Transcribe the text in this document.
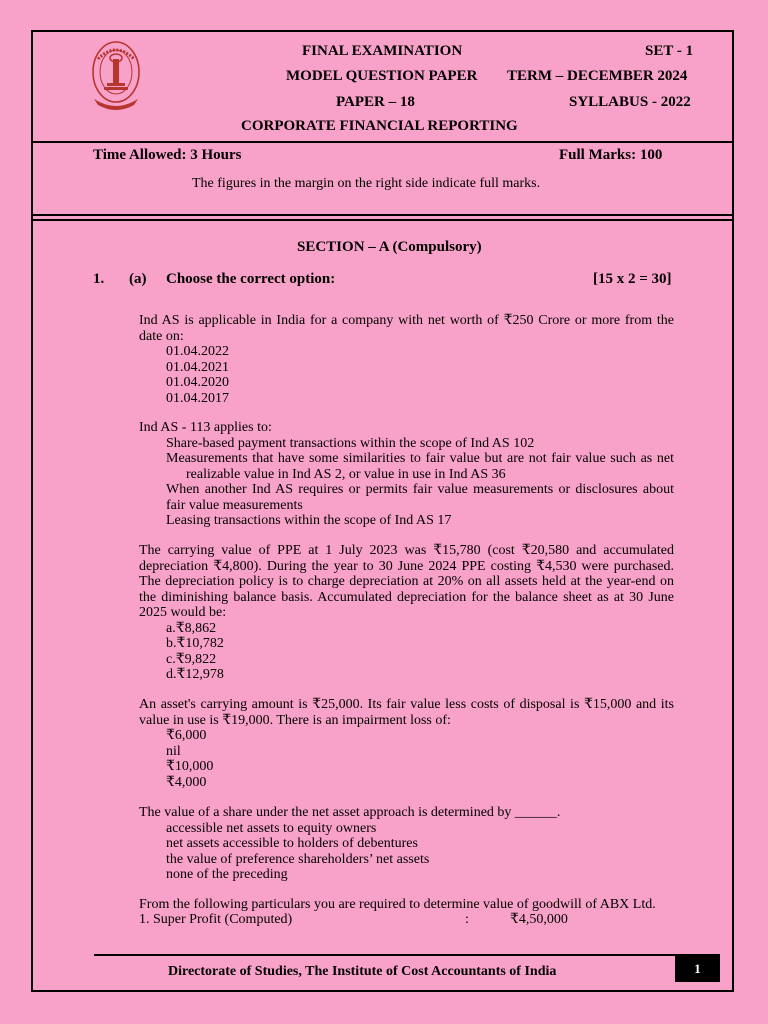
FINAL EXAMINATION	SET - 1
MODEL QUESTION PAPER TERM – DECEMBER 2024
PAPER – 18	SYLLABUS - 2022
CORPORATE FINANCIAL REPORTING
Time Allowed: 3 Hours	Full Marks: 100
The figures in the margin on the right side indicate full marks.
SECTION – A (Compulsory)
1. (a) Choose the correct option:	[15 x 2 = 30]
Ind AS is applicable in India for a company with net worth of ₹250 Crore or more from the date on:
01.04.2022
01.04.2021
01.04.2020
01.04.2017
Ind AS - 113 applies to:
Share-based payment transactions within the scope of Ind AS 102
Measurements that have some similarities to fair value but are not fair value such as net realizable value in Ind AS 2, or value in use in Ind AS 36
When another Ind AS requires or permits fair value measurements or disclosures about fair value measurements
Leasing transactions within the scope of Ind AS 17
The carrying value of PPE at 1 July 2023 was ₹15,780 (cost ₹20,580 and accumulated depreciation ₹4,800). During the year to 30 June 2024 PPE costing ₹4,530 were purchased. The depreciation policy is to charge depreciation at 20% on all assets held at the year-end on the diminishing balance basis. Accumulated depreciation for the balance sheet as at 30 June 2025 would be:
a.₹8,862
b.₹10,782
c.₹9,822
d.₹12,978
An asset's carrying amount is ₹25,000. Its fair value less costs of disposal is ₹15,000 and its value in use is ₹19,000. There is an impairment loss of:
₹6,000
nil
₹10,000
₹4,000
The value of a share under the net asset approach is determined by ______.
accessible net assets to equity owners
net assets accessible to holders of debentures
the value of preference shareholders’ net assets
none of the preceding
From the following particulars you are required to determine value of goodwill of ABX Ltd.
1. Super Profit (Computed)	:	₹4,50,000
Directorate of Studies, The Institute of Cost Accountants of India	1
